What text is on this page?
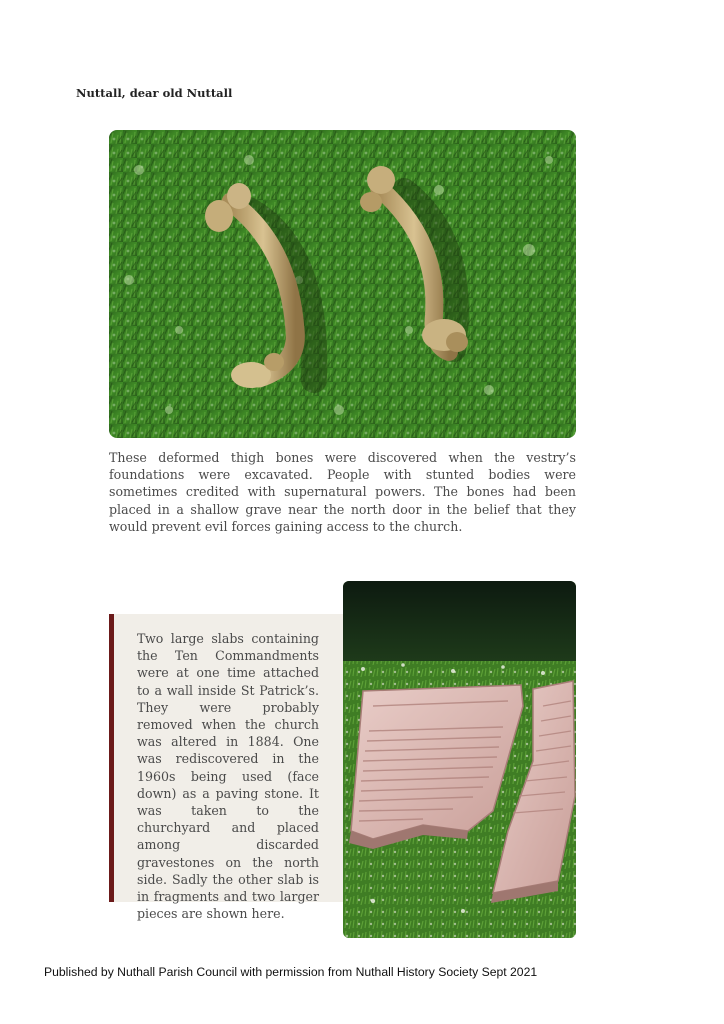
Nuttall, dear old Nuttall
These deformed thigh bones were discovered when the vestry’s foundations were excavated. People with stunted bodies were sometimes credited with supernatural powers. The bones had been placed in a shallow grave near the north door in the belief that they would prevent evil forces gaining access to the church.
Two large slabs containing the Ten Commandments were at one time attached to a wall inside St Patrick’s. They were probably removed when the church was altered in 1884. One was rediscovered in the 1960s being used (face down) as a paving stone. It was taken to the churchyard and placed among discarded gravestones on the north side. Sadly the other slab is in fragments and two larger pieces are shown here.
Published by Nuthall Parish Council with permission from Nuthall History Society Sept 2021
